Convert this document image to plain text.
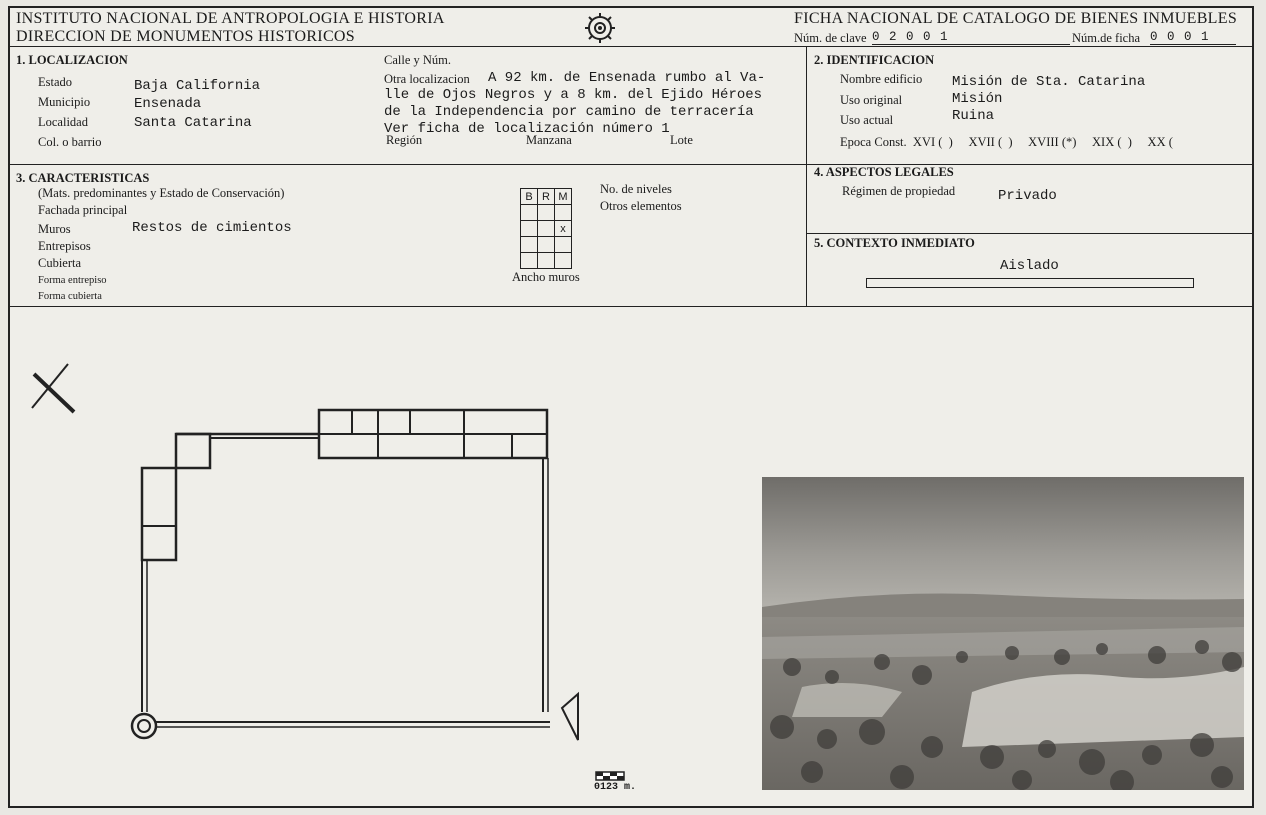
INSTITUTO NACIONAL DE ANTROPOLOGIA E HISTORIA
DIRECCION DE MONUMENTOS HISTORICOS
FICHA NACIONAL DE CATALOGO DE BIENES INMUEBLES
Núm. de clave 0 2 0 0 1	Núm.de ficha 0 0 0 1
1. LOCALIZACION
Estado	Baja California
Municipio	Ensenada
Localidad	Santa Catarina
Col. o barrio
Calle y Núm.
Otra localizacion A 92 km. de Ensenada rumbo al Va-
lle de Ojos Negros y a 8 km. del Ejido Héroes
de la Independencia por camino de terracería
Ver ficha de localización número 1
Región	Manzana	Lote
2. IDENTIFICACION
Nombre edificio Misión de Sta. Catarina
Uso original	Misión
Uso actual	Ruina
Epoca Const.  XVI (  )     XVII (  )     XVIII (*)     XIX (  )     XX (
3. CARACTERISTICAS
(Mats. predominantes y Estado de Conservación)
Fachada principal
Muros	Restos de cimientos
Entrepisos
Cubierta
Forma entrepiso
Forma cubierta
B	R	M

		x

No. de niveles
Otros elementos
Ancho muros
4. ASPECTOS LEGALES
Régimen de propiedad	Privado
5. CONTEXTO INMEDIATO
Aislado
0123 m.
